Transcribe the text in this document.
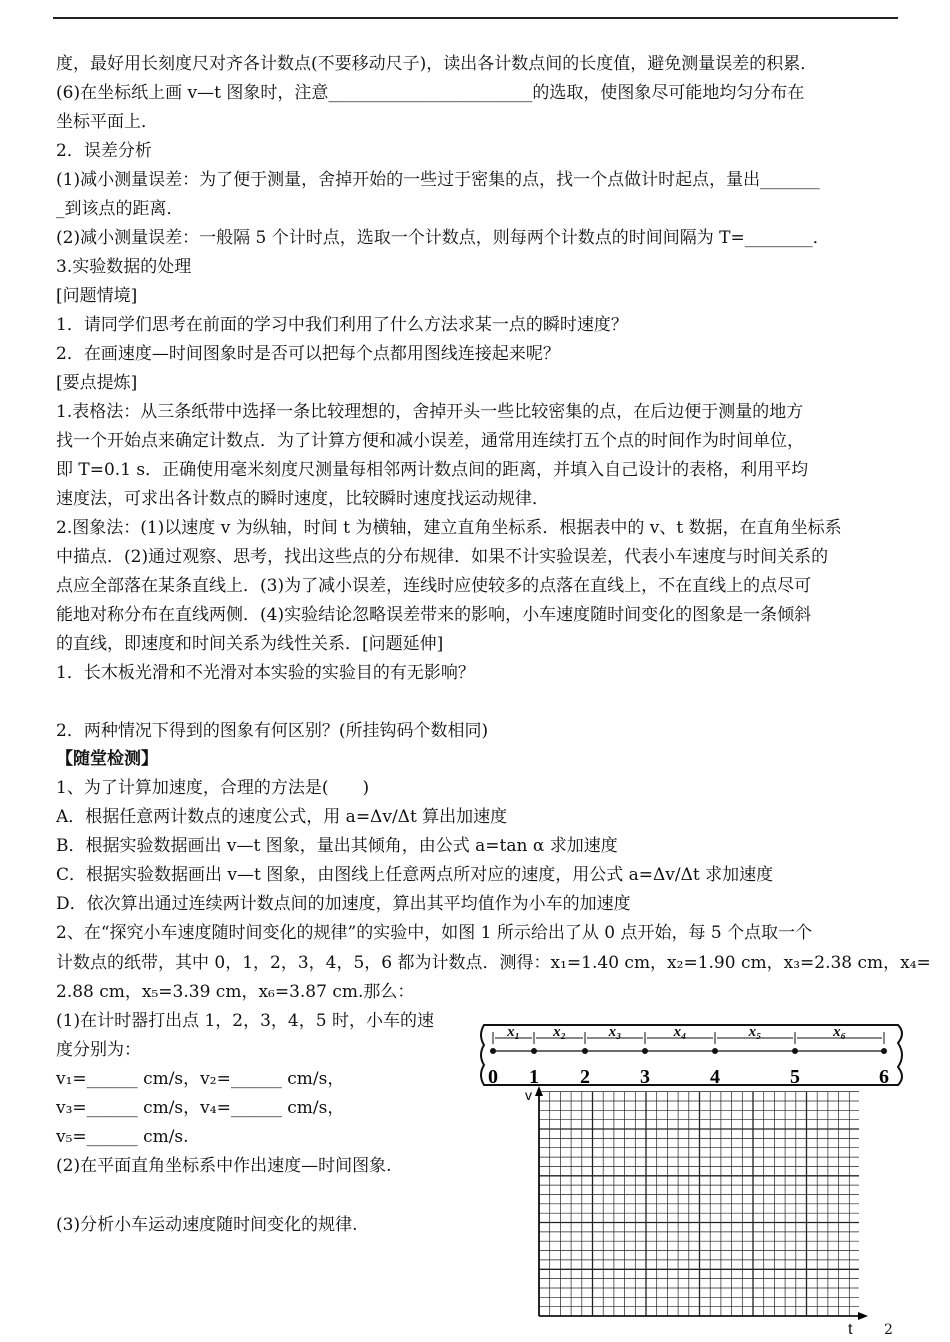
度，最好用长刻度尺对齐各计数点(不要移动尺子)，读出各计数点间的长度值，避免测量误差的积累．
(6)在坐标纸上画 v—t 图象时，注意________________________的选取，使图象尽可能地均匀分布在
坐标平面上．
2．误差分析
(1)减小测量误差：为了便于测量，舍掉开始的一些过于密集的点，找一个点做计时起点，量出_______
_到该点的距离．
(2)减小测量误差：一般隔 5 个计时点，选取一个计数点，则每两个计数点的时间间隔为 T=________．
3.实验数据的处理
[问题情境]
1．请同学们思考在前面的学习中我们利用了什么方法求某一点的瞬时速度？
2．在画速度—时间图象时是否可以把每个点都用图线连接起来呢？
[要点提炼]
1.表格法：从三条纸带中选择一条比较理想的，舍掉开头一些比较密集的点，在后边便于测量的地方
找一个开始点来确定计数点．为了计算方便和减小误差，通常用连续打五个点的时间作为时间单位，
即 T=0.1 s．正确使用毫米刻度尺测量每相邻两计数点间的距离，并填入自己设计的表格，利用平均
速度法，可求出各计数点的瞬时速度，比较瞬时速度找运动规律．
2.图象法：(1)以速度 v 为纵轴，时间 t 为横轴，建立直角坐标系．根据表中的 v、t 数据，在直角坐标系
中描点．(2)通过观察、思考，找出这些点的分布规律．如果不计实验误差，代表小车速度与时间关系的
点应全部落在某条直线上．(3)为了减小误差，连线时应使较多的点落在直线上，不在直线上的点尽可
能地对称分布在直线两侧．(4)实验结论忽略误差带来的影响，小车速度随时间变化的图象是一条倾斜
的直线，即速度和时间关系为线性关系．[问题延伸]
1．长木板光滑和不光滑对本实验的实验目的有无影响？
2．两种情况下得到的图象有何区别？(所挂钩码个数相同)
【随堂检测】
1、为了计算加速度，合理的方法是(　　)
A．根据任意两计数点的速度公式，用 a=Δv/Δt 算出加速度
B．根据实验数据画出 v—t 图象，量出其倾角，由公式 a=tan α 求加速度
C．根据实验数据画出 v—t 图象，由图线上任意两点所对应的速度，用公式 a=Δv/Δt 求加速度
D．依次算出通过连续两计数点间的加速度，算出其平均值作为小车的加速度
2、在“探究小车速度随时间变化的规律”的实验中，如图 1 所示给出了从 0 点开始，每 5 个点取一个
计数点的纸带，其中 0，1，2，3，4，5，6 都为计数点．测得：x₁=1.40 cm，x₂=1.90 cm，x₃=2.38 cm，x₄=
2.88 cm，x₅=3.39 cm，x₆=3.87 cm.那么：
(1)在计时器打出点 1，2，3，4，5 时，小车的速
度分别为：
v₁=______ cm/s，v₂=______ cm/s，
v₃=______ cm/s，v₄=______ cm/s，
v₅=______ cm/s.
(2)在平面直角坐标系中作出速度—时间图象.
(3)分析小车运动速度随时间变化的规律.
x₁ x₂	x₃	x₄	x₅	x₆
0 1 2	3	4	5	6
v
t 2
